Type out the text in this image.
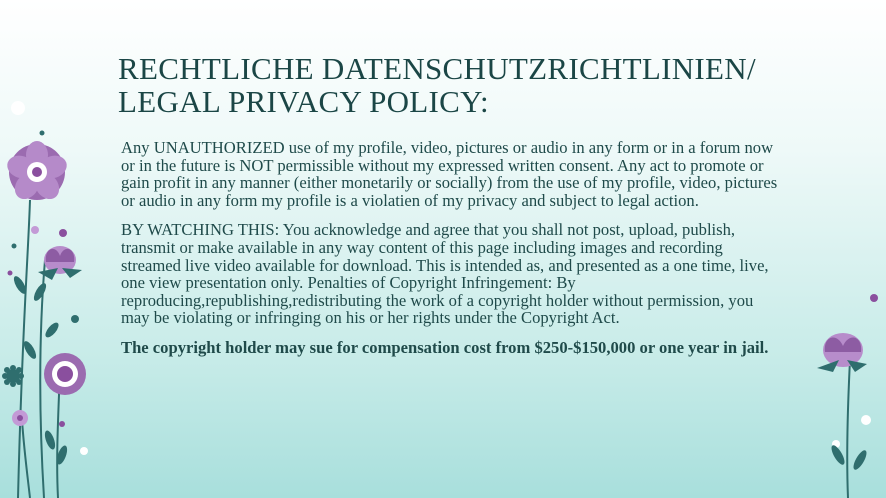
RECHTLICHE DATENSCHUTZRICHTLINIEN/
LEGAL PRIVACY POLICY:

Any UNAUTHORIZED use of my profile, video, pictures or audio in any form or in a forum now or in the future is NOT permissible without my expressed written consent. Any act to promote or gain profit in any manner (either monetarily or socially) from the use of my profile, video, pictures or audio in any form my profile is a violatien of my privacy and subject to legal action.

BY WATCHING THIS: You acknowledge and agree that you shall not post, upload, publish, transmit or make available in any way content of this page including images and recording streamed live video available for download. This is intended as, and presented as a one time, live, one view presentation only. Penalties of Copyright Infringement: By reproducing,republishing,redistributing the work of a copyright holder without permission, you may be violating or infringing on his or her rights under the Copyright Act.

The copyright holder may sue for compensation cost from $250-$150,000 or one year in jail.
